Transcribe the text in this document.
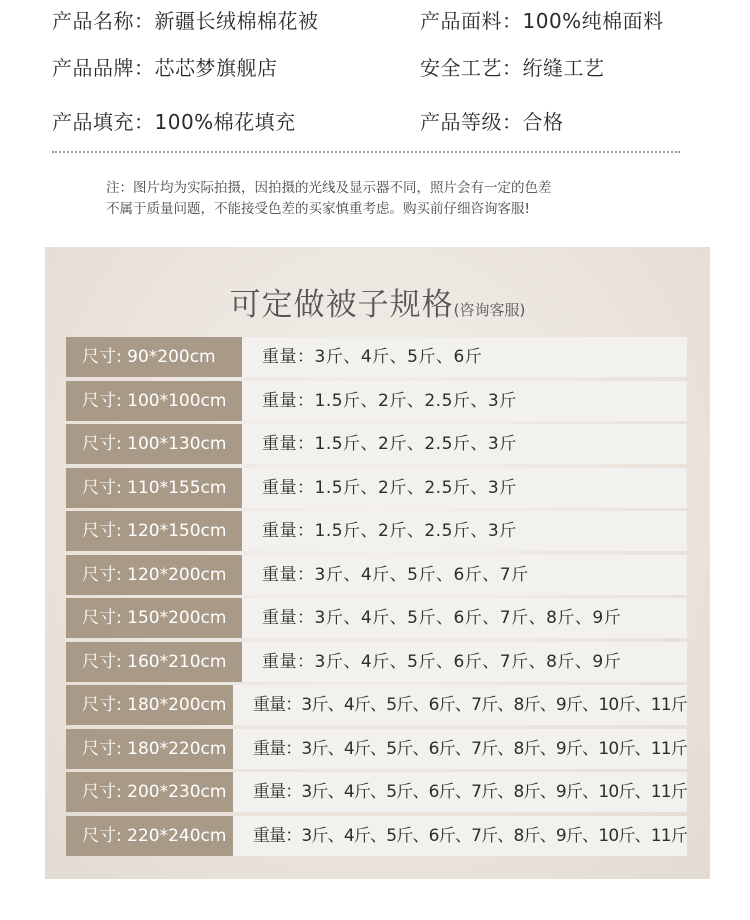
产品名称：新疆长绒棉棉花被	产品面料：100%纯棉面料
产品品牌：芯芯梦旗舰店	安全工艺：绗缝工艺
产品填充：100%棉花填充	产品等级：合格
注：图片均为实际拍摄，因拍摄的光线及显示器不同，照片会有一定的色差
不属于质量问题，不能接受色差的买家慎重考虑。购买前仔细咨询客服!
可定做被子规格(咨询客服)
尺寸: 90*200cm	重量：3斤、4斤、5斤、6斤
尺寸: 100*100cm	重量：1.5斤、2斤、2.5斤、3斤
尺寸: 100*130cm	重量：1.5斤、2斤、2.5斤、3斤
尺寸: 110*155cm	重量：1.5斤、2斤、2.5斤、3斤
尺寸: 120*150cm	重量：1.5斤、2斤、2.5斤、3斤
尺寸: 120*200cm	重量：3斤、4斤、5斤、6斤、7斤
尺寸: 150*200cm	重量：3斤、4斤、5斤、6斤、7斤、8斤、9斤
尺寸: 160*210cm	重量：3斤、4斤、5斤、6斤、7斤、8斤、9斤
尺寸: 180*200cm	重量：3斤、4斤、5斤、6斤、7斤、8斤、9斤、10斤、11斤
尺寸: 180*220cm	重量：3斤、4斤、5斤、6斤、7斤、8斤、9斤、10斤、11斤
尺寸: 200*230cm	重量：3斤、4斤、5斤、6斤、7斤、8斤、9斤、10斤、11斤
尺寸: 220*240cm	重量：3斤、4斤、5斤、6斤、7斤、8斤、9斤、10斤、11斤
